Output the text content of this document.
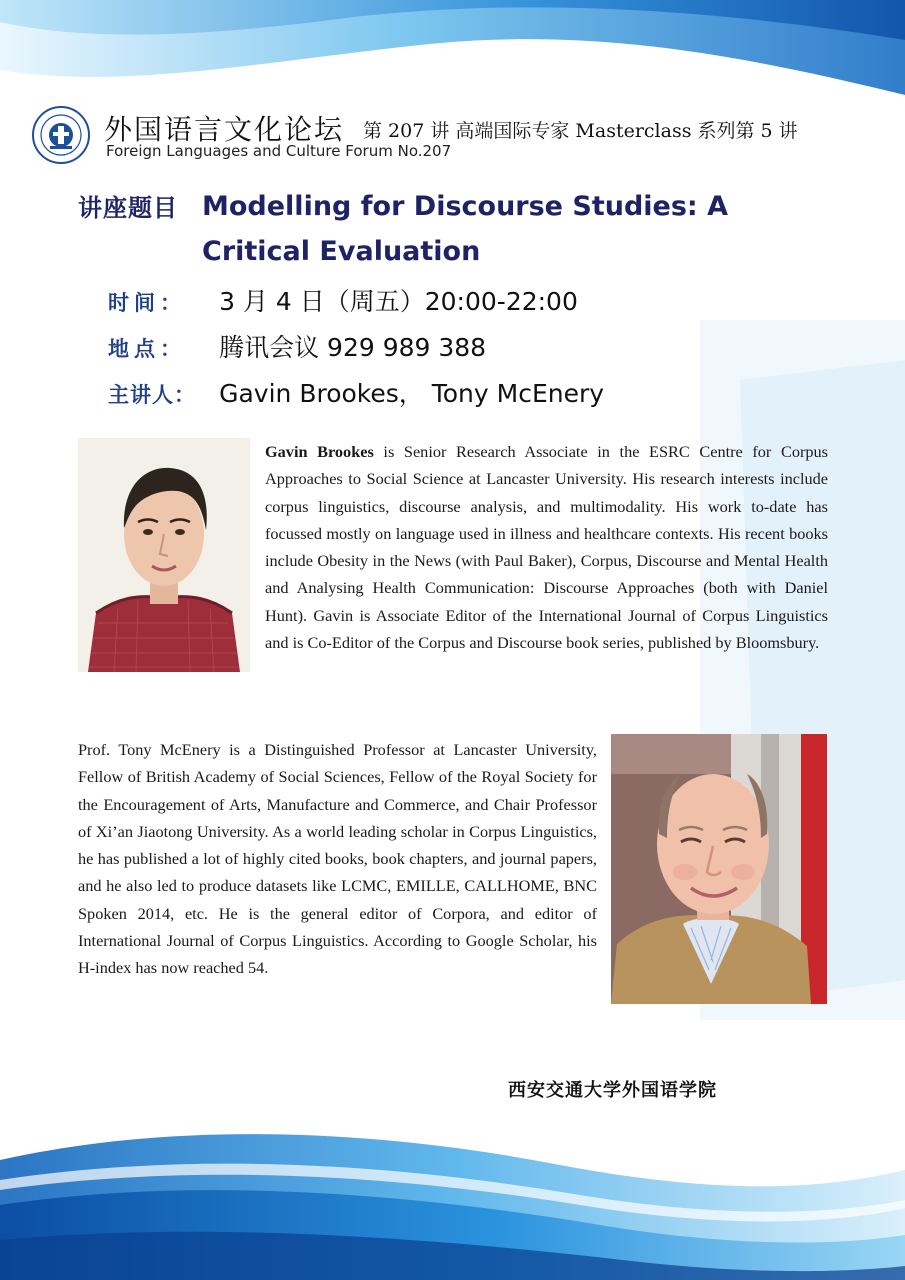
外国语言文化论坛 第 207 讲 高端国际专家 Masterclass 系列第 5 讲
Foreign Languages and Culture Forum No.207
讲座题目 Modelling for Discourse Studies: A Critical Evaluation
时间： 3 月 4 日（周五）20:00-22:00
地点： 腾讯会议 929 989 388
主讲人： Gavin Brookes， Tony McEnery
Gavin Brookes is Senior Research Associate in the ESRC Centre for Corpus Approaches to Social Science at Lancaster University. His research interests include corpus linguistics, discourse analysis, and multimodality. His work to-date has focussed mostly on language used in illness and healthcare contexts. His recent books include Obesity in the News (with Paul Baker), Corpus, Discourse and Mental Health and Analysing Health Communication: Discourse Approaches (both with Daniel Hunt). Gavin is Associate Editor of the International Journal of Corpus Linguistics and is Co-Editor of the Corpus and Discourse book series, published by Bloomsbury.
Prof. Tony McEnery is a Distinguished Professor at Lancaster University, Fellow of British Academy of Social Sciences, Fellow of the Royal Society for the Encouragement of Arts, Manufacture and Commerce, and Chair Professor of Xi’an Jiaotong University. As a world leading scholar in Corpus Linguistics, he has published a lot of highly cited books, book chapters, and journal papers, and he also led to produce datasets like LCMC, EMILLE, CALLHOME, BNC Spoken 2014, etc. He is the general editor of Corpora, and editor of International Journal of Corpus Linguistics. According to Google Scholar, his H-index has now reached 54.
西安交通大学外国语学院
